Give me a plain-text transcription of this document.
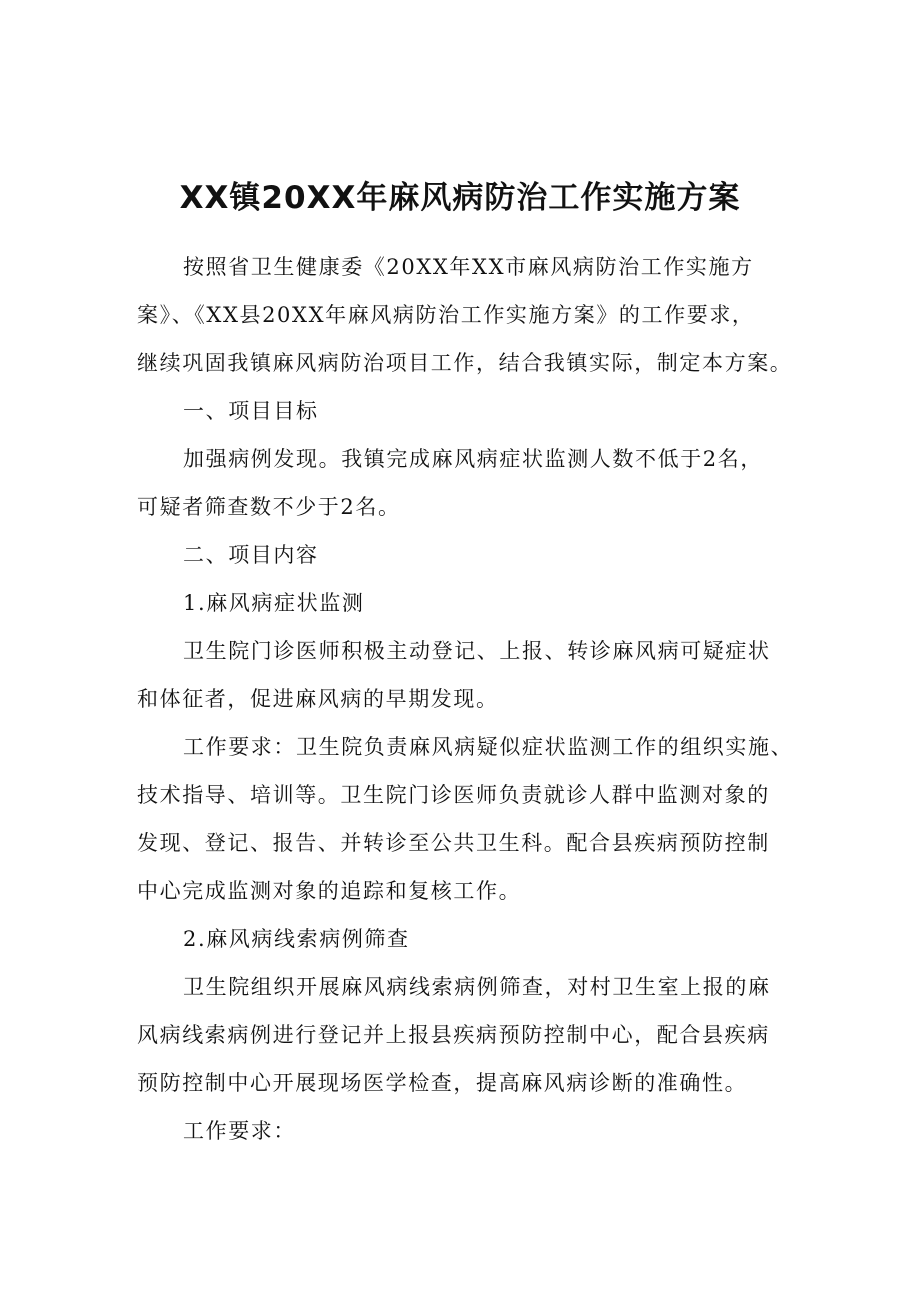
XX镇20XX年麻风病防治工作实施方案
按照省卫生健康委《20XX年XX市麻风病防治工作实施方
案》、《XX县20XX年麻风病防治工作实施方案》的工作要求，
继续巩固我镇麻风病防治项目工作，结合我镇实际，制定本方案。
一、项目目标
加强病例发现。我镇完成麻风病症状监测人数不低于2名，
可疑者筛查数不少于2名。
二、项目内容
1.麻风病症状监测
卫生院门诊医师积极主动登记、上报、转诊麻风病可疑症状
和体征者，促进麻风病的早期发现。
工作要求：卫生院负责麻风病疑似症状监测工作的组织实施、
技术指导、培训等。卫生院门诊医师负责就诊人群中监测对象的
发现、登记、报告、并转诊至公共卫生科。配合县疾病预防控制
中心完成监测对象的追踪和复核工作。
2.麻风病线索病例筛查
卫生院组织开展麻风病线索病例筛查，对村卫生室上报的麻
风病线索病例进行登记并上报县疾病预防控制中心，配合县疾病
预防控制中心开展现场医学检查，提高麻风病诊断的准确性。
工作要求：
